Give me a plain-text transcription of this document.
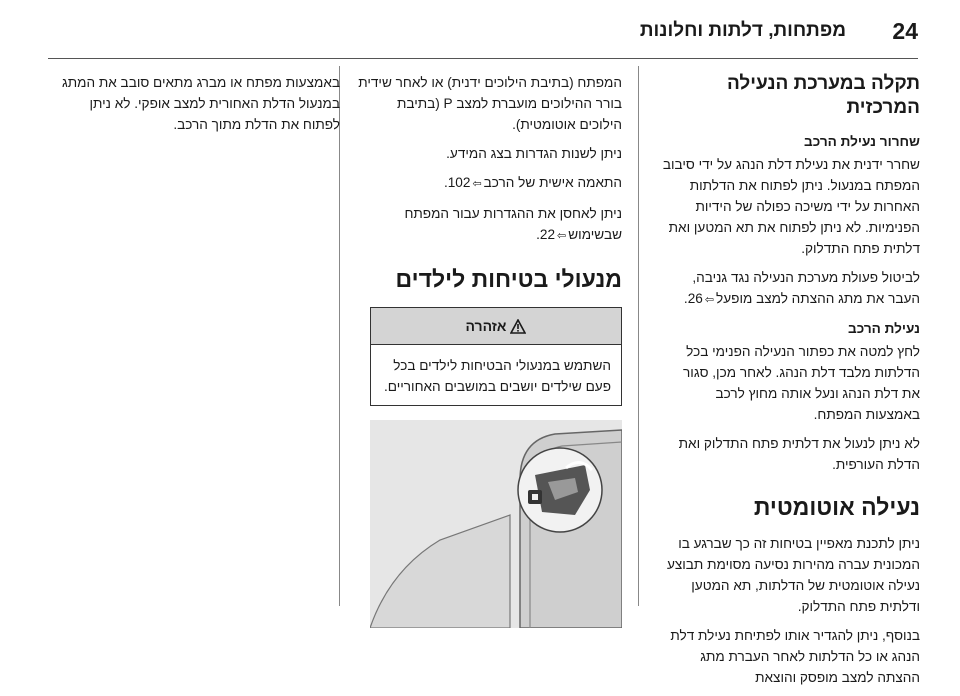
24
מפתחות, דלתות וחלונות
תקלה במערכת הנעילה המרכזית
שחרור נעילת הרכב

שחרר ידנית את נעילת דלת הנהג על ידי סיבוב המפתח במנעול. ניתן לפתוח את הדלתות האחרות על ידי משיכה כפולה של הידיות הפנימיות. לא ניתן לפתוח את תא המטען ואת דלתית פתח התדלוק.

לביטול פעולת מערכת הנעילה נגד גניבה, העבר את מתג ההצתה למצב מופעל⇦26.

נעילת הרכב

לחץ למטה את כפתור הנעילה הפנימי בכל הדלתות מלבד דלת הנהג. לאחר מכן, סגור את דלת הנהג ונעל אותה מחוץ לרכב באמצעות המפתח.

לא ניתן לנעול את דלתית פתח התדלוק ואת הדלת העורפית.

נעילה אוטומטית

ניתן לתכנת מאפיין בטיחות זה כך שברגע בו המכונית עברה מהירות נסיעה מסוימת תבוצע נעילה אוטומטית של הדלתות, תא המטען ודלתית פתח התדלוק.

בנוסף, ניתן להגדיר אותו לפתיחת נעילת דלת הנהג או כל הדלתות לאחר העברת מתג ההצתה למצב מופסק והוצאת

המפתח (בתיבת הילוכים ידנית) או לאחר שידית בורר ההילוכים מועברת למצב P (בתיבת הילוכים אוטומטית).

ניתן לשנות הגדרות בצג המידע.

התאמה אישית של הרכב⇦102.

ניתן לאחסן את ההגדרות עבור המפתח שבשימוש⇦22.

מנעולי בטיחות לילדים
אזהרה
השתמש במנעולי הבטיחות לילדים בכל פעם שילדים יושבים במושבים האחוריים.

באמצעות מפתח או מברג מתאים סובב את המתג במנעול הדלת האחורית למצב אופקי. לא ניתן לפתוח את הדלת מתוך הרכב.
